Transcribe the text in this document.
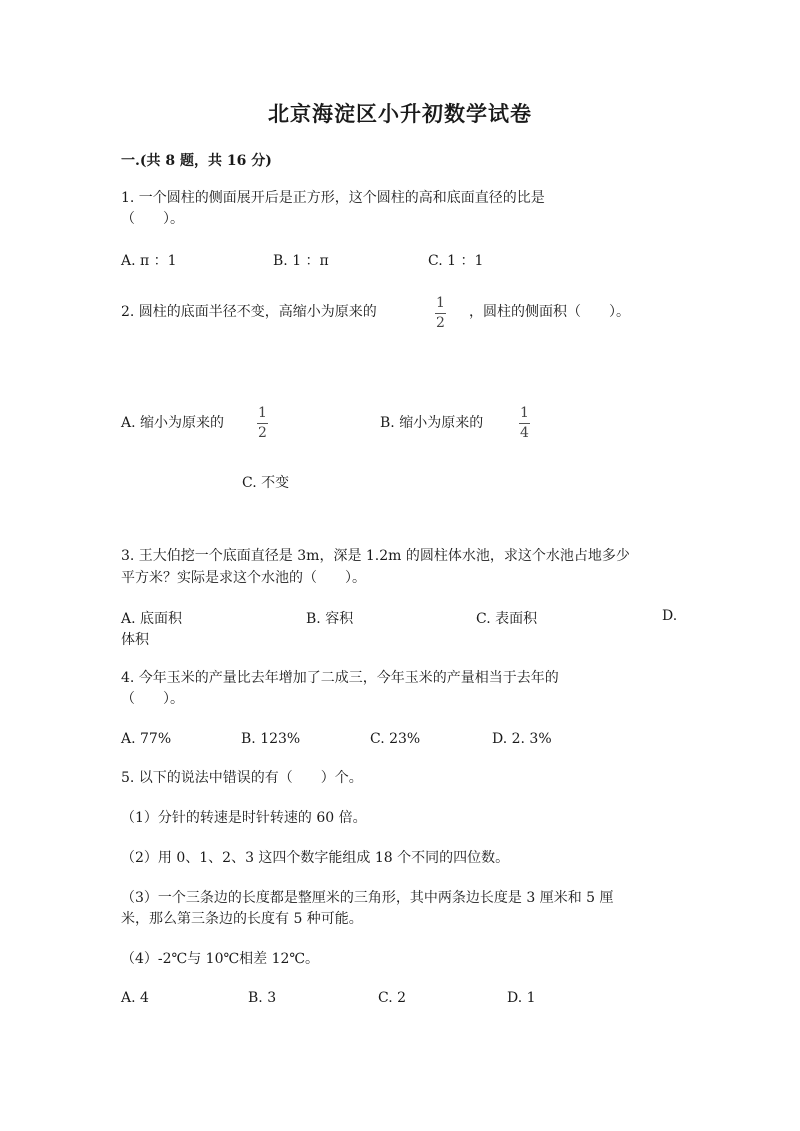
北京海淀区小升初数学试卷
一.(共 8 题，共 16 分)
1. 一个圆柱的侧面展开后是正方形，这个圆柱的高和底面直径的比是
（　　）。
A. π ：1	B. 1 ：π	C. 1 ：1
2. 圆柱的底面半径不变，高缩小为原来的
1
2
，圆柱的侧面积（　　）。
A. 缩小为原来的
1
2
B. 缩小为原来的
1
4
C. 不变
3. 王大伯挖一个底面直径是 3m，深是 1.2m 的圆柱体水池，求这个水池占地多少
平方米？实际是求这个水池的（　　）。
A. 底面积	B. 容积	C. 表面积	D.
体积
4. 今年玉米的产量比去年增加了二成三，今年玉米的产量相当于去年的
（　　）。
A. 77%	B. 123%	C. 23%	D. 2. 3%
5. 以下的说法中错误的有（　　）个。
（1）分针的转速是时针转速的 60 倍。
（2）用 0、1、2、3 这四个数字能组成 18 个不同的四位数。
（3）一个三条边的长度都是整厘米的三角形，其中两条边长度是 3 厘米和 5 厘
米，那么第三条边的长度有 5 种可能。
（4）-2℃与 10℃相差 12℃。
A. 4	B. 3	C. 2	D. 1
